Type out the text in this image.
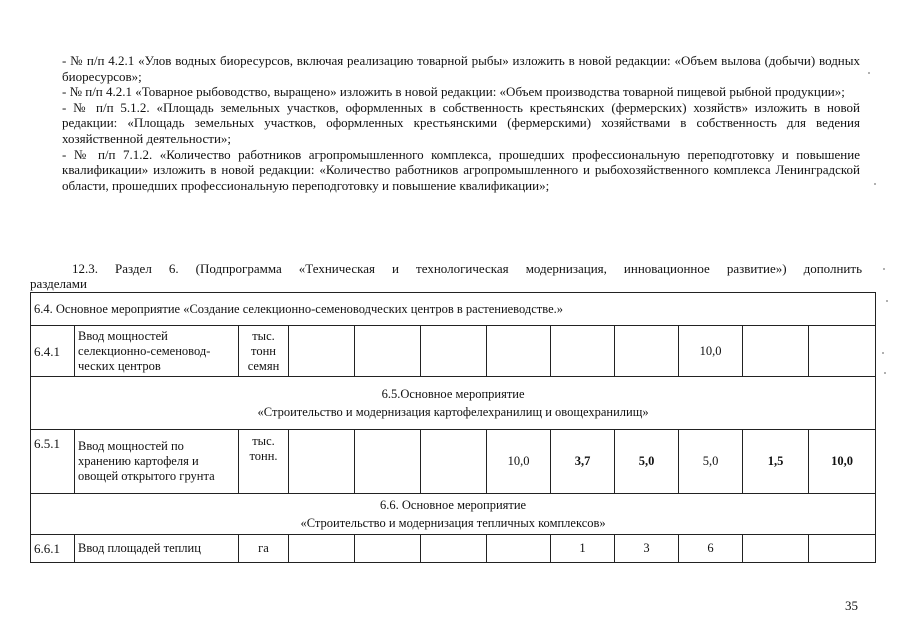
- № п/п 4.2.1 «Улов водных биоресурсов, включая реализацию товарной рыбы» изложить в новой редакции: «Объем вылова (добычи) водных биоресурсов»;

- № п/п 4.2.1 «Товарное рыбоводство, выращено» изложить в новой редакции: «Объем производства товарной пищевой рыбной продукции»;

- № п/п 5.1.2. «Площадь земельных участков, оформленных в собственность крестьянских (фермерских) хозяйств» изложить в новой редакции: «Площадь земельных участков, оформленных крестьянскими (фермерскими) хозяйствами в собственность для ведения хозяйственной деятельности»;

- № п/п 7.1.2. «Количество работников агропромышленного комплекса, прошедших профессиональную переподготовку и повышение квалификации» изложить в новой редакции: «Количество работников агропромышленного и рыбохозяйственного комплекса Ленинградской области, прошедших профессиональную переподготовку и повышение квалификации»;

12.3. Раздел 6. (Подпрограмма «Техническая и технологическая модернизация, инновационное развитие») дополнить
разделами
6.4. Основное мероприятие «Создание селекционно-семеноводческих центров в растениеводстве.»											
6.4.1	Ввод мощностей селекционно-семеновод-ческих центров	тыс. тонн семян							10,0		

6.5.Основное мероприятие
«Строительство и модернизация картофелехранилищ и овощехранилищ»											

6.5.1	Ввод мощностей по хранению картофеля и овощей открытого грунта	тыс. тонн.				10,0	3,7	5,0	5,0	1,5	10,0

6.6. Основное мероприятие
«Строительство и модернизация тепличных комплексов»											

6.6.1	Ввод площадей теплиц	га					1	3	6		
35
